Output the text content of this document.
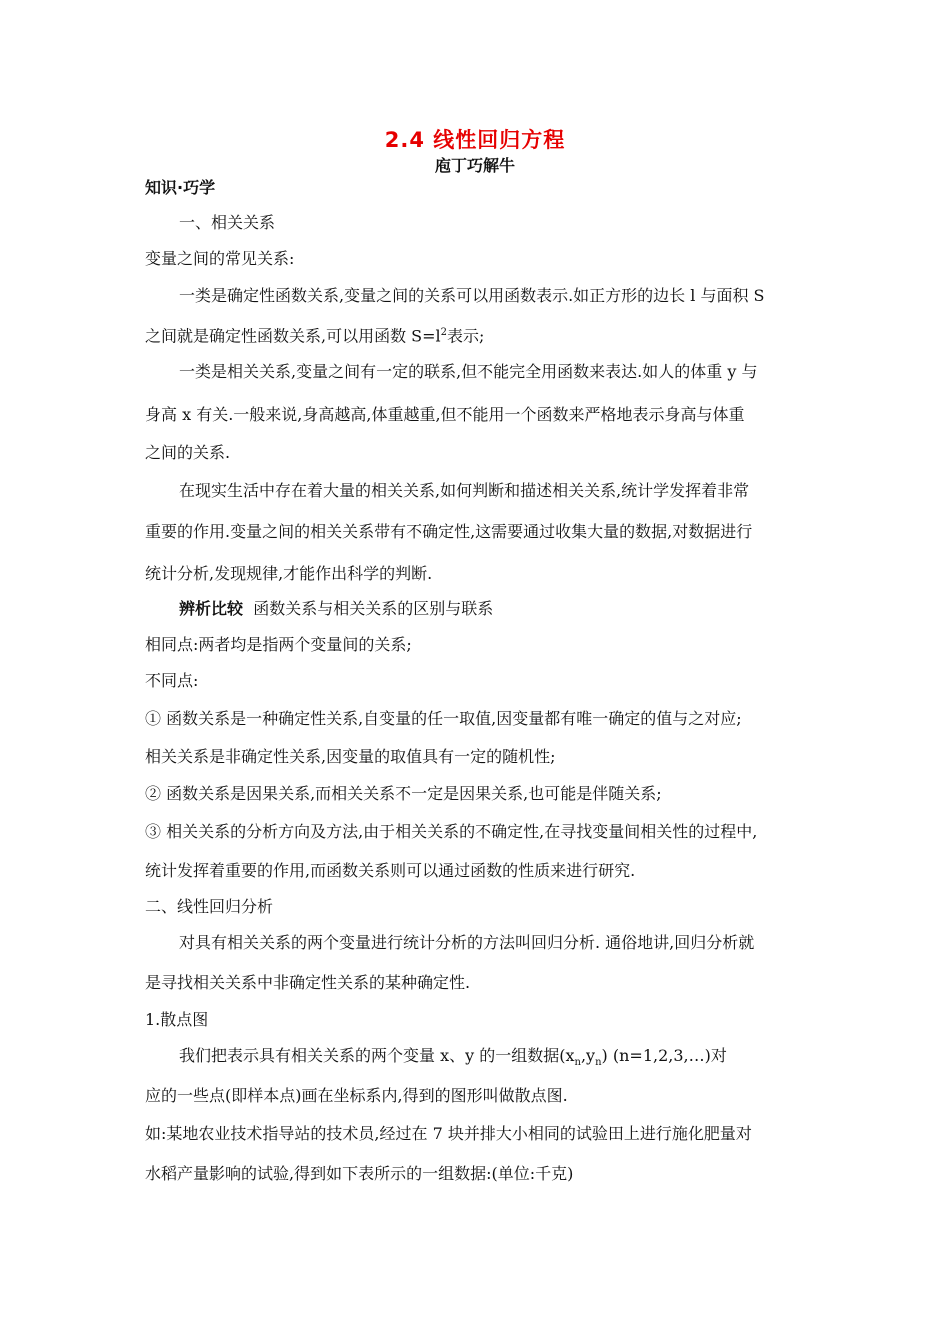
2.4 线性回归方程
庖丁巧解牛
知识·巧学
一、相关关系
变量之间的常见关系:
一类是确定性函数关系,变量之间的关系可以用函数表示.如正方形的边长 l 与面积 S
之间就是确定性函数关系,可以用函数 $S=l^2$表示;
一类是相关关系,变量之间有一定的联系,但不能完全用函数来表达.如人的体重 y 与
身高 x 有关.一般来说,身高越高,体重越重,但不能用一个函数来严格地表示身高与体重
之间的关系.
在现实生活中存在着大量的相关关系,如何判断和描述相关关系,统计学发挥着非常
重要的作用.变量之间的相关关系带有不确定性,这需要通过收集大量的数据,对数据进行
统计分析,发现规律,才能作出科学的判断.
辨析比较 函数关系与相关关系的区别与联系
相同点:两者均是指两个变量间的关系;
不同点:
① 函数关系是一种确定性关系,自变量的任一取值,因变量都有唯一确定的值与之对应;
相关关系是非确定性关系,因变量的取值具有一定的随机性;
② 函数关系是因果关系,而相关关系不一定是因果关系,也可能是伴随关系;
③ 相关关系的分析方向及方法,由于相关关系的不确定性,在寻找变量间相关性的过程中,
统计发挥着重要的作用,而函数关系则可以通过函数的性质来进行研究.
二、线性回归分析
对具有相关关系的两个变量进行统计分析的方法叫回归分析. 通俗地讲,回归分析就
是寻找相关关系中非确定性关系的某种确定性.
1.散点图
我们把表示具有相关关系的两个变量 x、y 的一组数据$(x_n,y_n)$ (n=1,2,3,…)对
应的一些点(即样本点)画在坐标系内,得到的图形叫做散点图.
如:某地农业技术指导站的技术员,经过在 7 块并排大小相同的试验田上进行施化肥量对
水稻产量影响的试验,得到如下表所示的一组数据:(单位:千克)
